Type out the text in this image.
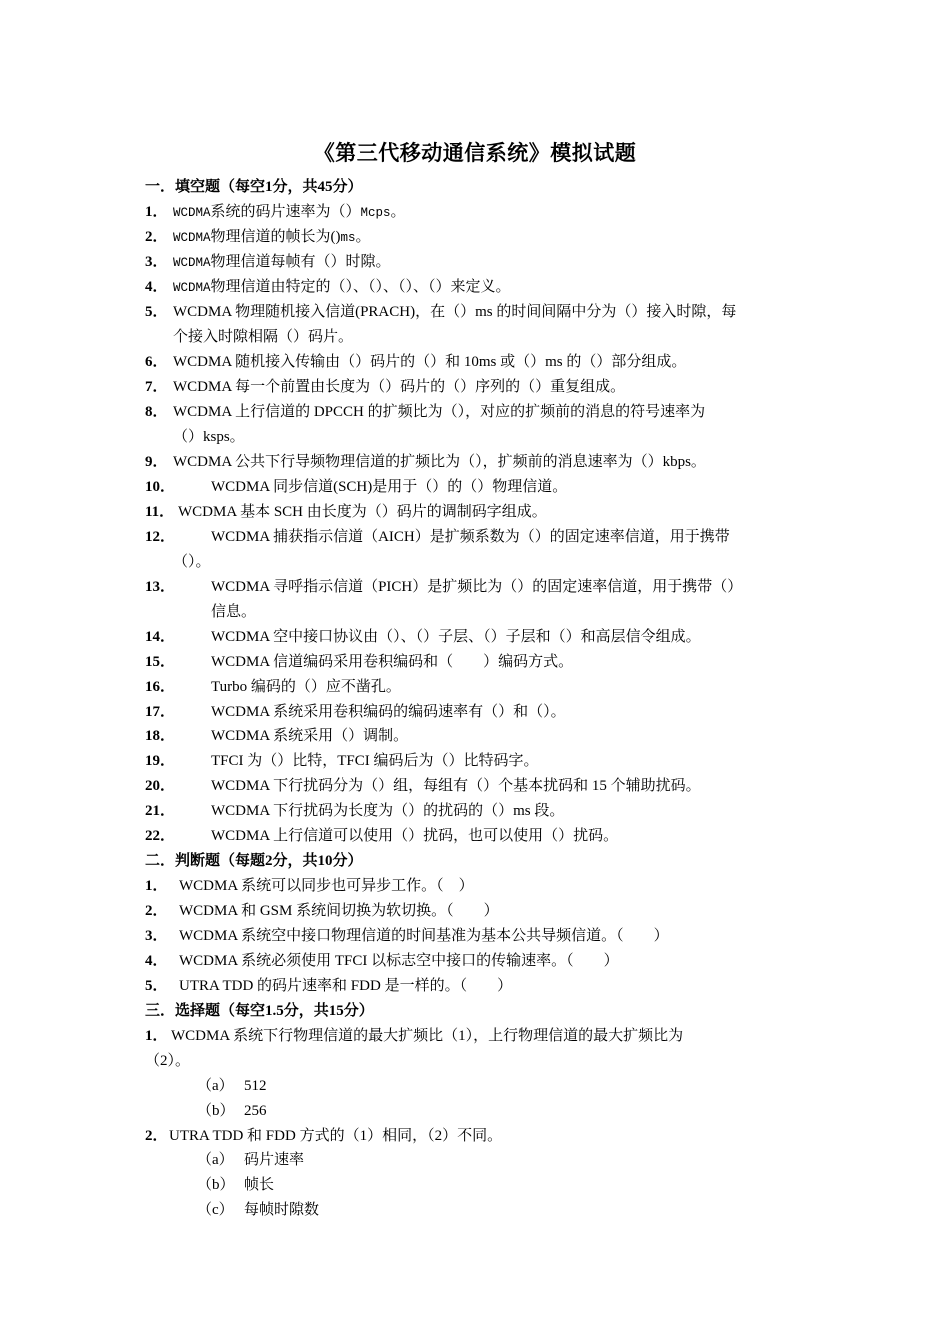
《第三代移动通信系统》模拟试题
一．填空题（每空1分，共45分）
1． WCDMA系统的码片速率为（）Mcps。
2． WCDMA物理信道的帧长为()ms。
3． WCDMA物理信道每帧有（）时隙。
4． WCDMA物理信道由特定的（）、（）、（）、（）来定义。
5． WCDMA 物理随机接入信道(PRACH)，在（）ms 的时间间隔中分为（）接入时隙，每
个接入时隙相隔（）码片。
6． WCDMA 随机接入传输由（）码片的（）和 10ms 或（）ms 的（）部分组成。
7． WCDMA 每一个前置由长度为（）码片的（）序列的（）重复组成。
8． WCDMA 上行信道的 DPCCH 的扩频比为（），对应的扩频前的消息的符号速率为
（）ksps。
9． WCDMA 公共下行导频物理信道的扩频比为（），扩频前的消息速率为（）kbps。
10． WCDMA 同步信道(SCH)是用于（）的（）物理信道。
11． WCDMA 基本 SCH 由长度为（）码片的调制码字组成。
12． WCDMA 捕获指示信道（AICH）是扩频系数为（）的固定速率信道，用于携带
（）。
13． WCDMA 寻呼指示信道（PICH）是扩频比为（）的固定速率信道，用于携带（）
信息。
14． WCDMA 空中接口协议由（）、（）子层、（）子层和（）和高层信令组成。
15． WCDMA 信道编码采用卷积编码和（　　）编码方式。
16． Turbo 编码的（）应不凿孔。
17． WCDMA 系统采用卷积编码的编码速率有（）和（）。
18． WCDMA 系统采用（）调制。
19． TFCI 为（）比特，TFCI 编码后为（）比特码字。
20． WCDMA 下行扰码分为（）组，每组有（）个基本扰码和 15 个辅助扰码。
21． WCDMA 下行扰码为长度为（）的扰码的（）ms 段。
22． WCDMA 上行信道可以使用（）扰码，也可以使用（）扰码。
二．判断题（每题2分，共10分）
1． WCDMA 系统可以同步也可异步工作。（　）
2． WCDMA 和 GSM 系统间切换为软切换。（　　）
3． WCDMA 系统空中接口物理信道的时间基准为基本公共导频信道。（　　）
4． WCDMA 系统必须使用 TFCI 以标志空中接口的传输速率。（　　）
5． UTRA TDD 的码片速率和 FDD 是一样的。（　　）
三．选择题（每空1.5分，共15分）
1． WCDMA 系统下行物理信道的最大扩频比（1），上行物理信道的最大扩频比为
（2）。
（a） 512
（b） 256
2． UTRA TDD 和 FDD 方式的（1）相同，（2）不同。
（a） 码片速率
（b） 帧长
（c） 每帧时隙数
